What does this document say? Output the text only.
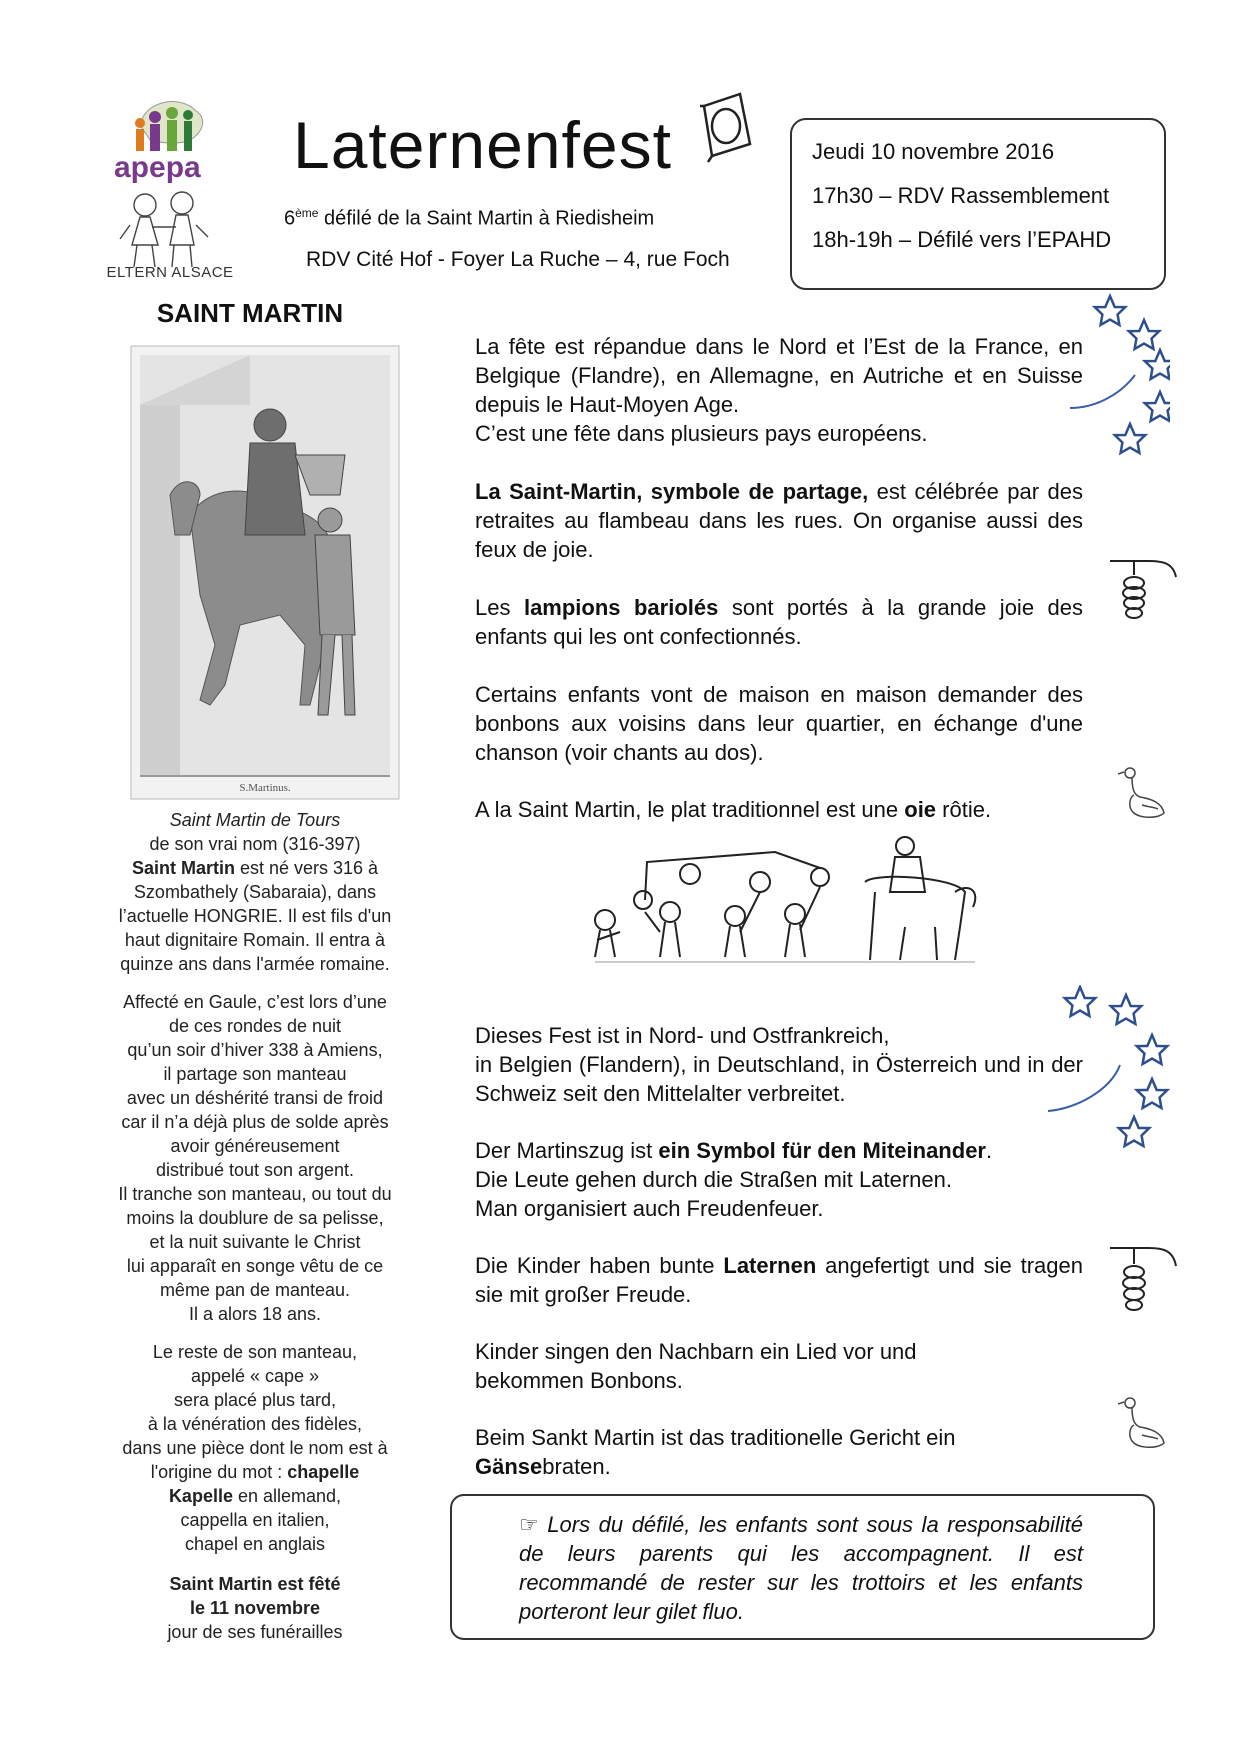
apepa
ELTERN ALSACE
Laternenfest
6ème défilé de la Saint Martin à Riedisheim
RDV Cité Hof - Foyer La Ruche – 4, rue Foch
Jeudi 10 novembre 2016
17h30 – RDV Rassemblement
18h-19h – Défilé vers l’EPAHD
SAINT MARTIN
S.Martinus.

Saint Martin de Tours

de son vrai nom (316-397)

Saint Martin est né vers 316 à

Szombathely (Sabaraia), dans

l’actuelle HONGRIE. Il est fils d'un

haut dignitaire Romain. Il entra à

quinze ans dans l'armée romaine.

Affecté en Gaule, c’est lors d’une

de ces rondes de nuit

qu’un soir d’hiver 338 à Amiens,

il partage son manteau

avec un déshérité transi de froid

car il n’a déjà plus de solde après

avoir généreusement

distribué tout son argent.

Il tranche son manteau, ou tout du

moins la doublure de sa pelisse,

et la nuit suivante le Christ

lui apparaît en songe vêtu de ce

même pan de manteau.

Il a alors 18 ans.

Le reste de son manteau,

appelé « cape »

sera placé plus tard,

à la vénération des fidèles,

dans une pièce dont le nom est à

l'origine du mot : chapelle

Kapelle en allemand,

cappella en italien,

chapel en anglais

Saint Martin est fêté

le 11 novembre

jour de ses funérailles

La fête est répandue dans le Nord et l’Est de la France, en Belgique (Flandre), en Allemagne, en Autriche et en Suisse depuis le Haut-Moyen Age.

C’est une fête dans plusieurs pays européens.

La Saint-Martin, symbole de partage, est célébrée par des retraites au flambeau dans les rues. On organise aussi des feux de joie.

Les lampions bariolés sont portés à la grande joie des enfants qui les ont confectionnés.

Certains enfants vont de maison en maison demander des bonbons aux voisins dans leur quartier, en échange d'une chanson (voir chants au dos).

A la Saint Martin, le plat traditionnel est une oie rôtie.

Dieses Fest ist in Nord- und Ostfrankreich,

in Belgien (Flandern), in Deutschland, in Österreich und in der Schweiz seit den Mittelalter verbreitet.

Der Martinszug ist ein Symbol für den Miteinander.

Die Leute gehen durch die Straßen mit Laternen.

Man organisiert auch Freudenfeuer.

Die Kinder haben bunte Laternen angefertigt und sie tragen sie mit großer Freude.

Kinder singen den Nachbarn ein Lied vor und

bekommen Bonbons.

Beim Sankt Martin ist das traditionelle Gericht ein

Gänsebraten.

☞ Lors du défilé, les enfants sont sous la responsabilité de leurs parents qui les accompagnent. Il est recommandé de rester sur les trottoirs et les enfants porteront leur gilet fluo.
